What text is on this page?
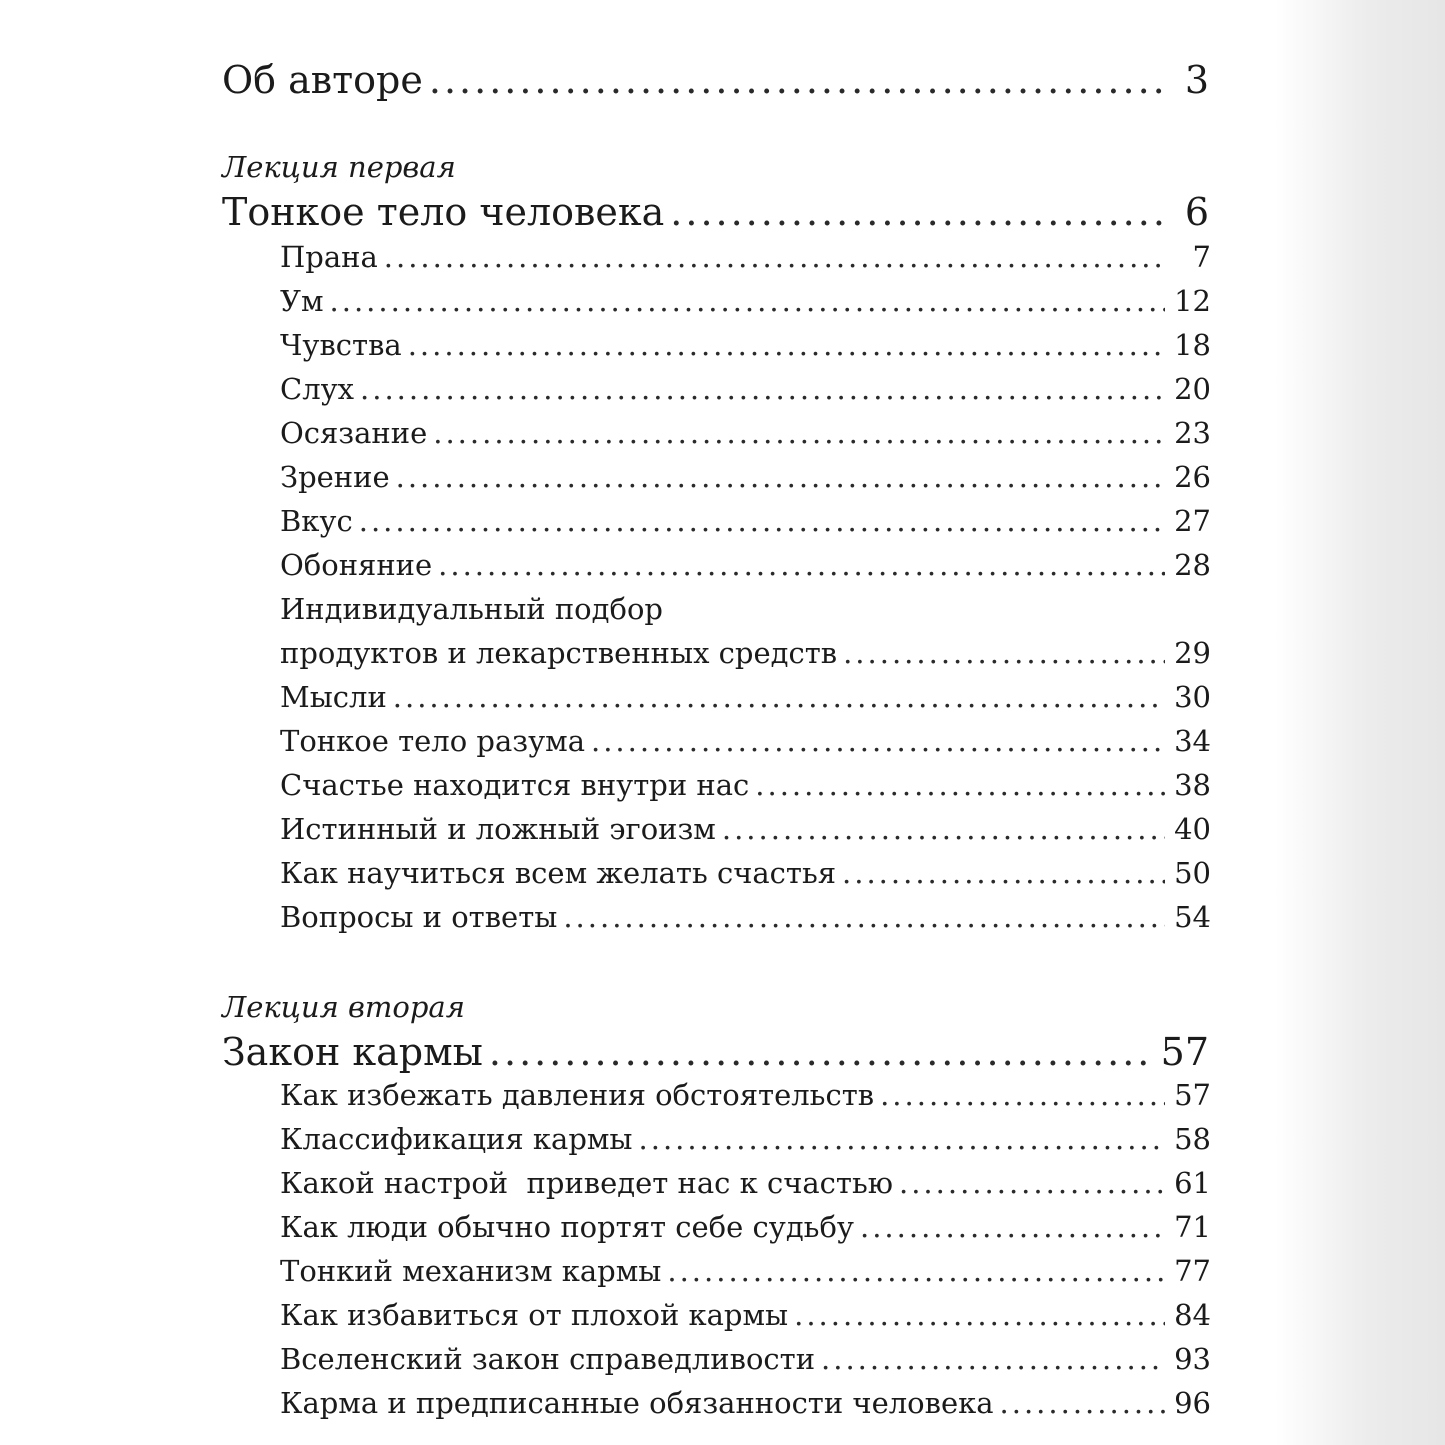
Об авторе .....	3
Лекция первая
Тонкое тело человека .....	6
Прана .....	7
Ум .....	12
Чувства .....	18
Слух .....	20
Осязание .....	23
Зрение .....	26
Вкус .....	27
Обоняние .....	28
Индивидуальный подбор
продуктов и лекарственных средств .....	29
Мысли .....	30
Тонкое тело разума .....	34
Счастье находится внутри нас .....	38
Истинный и ложный эгоизм .....	40
Как научиться всем желать счастья .....	50
Вопросы и ответы .....	54
Лекция вторая
Закон кармы .....	57
Как избежать давления обстоятельств .....	57
Классификация кармы .....	58
Какой настрой  приведет нас к счастью .....	61
Как люди обычно портят себе судьбу .....	71
Тонкий механизм кармы .....	77
Как избавиться от плохой кармы .....	84
Вселенский закон справедливости .....	93
Карма и предписанные обязанности человека .....	96
